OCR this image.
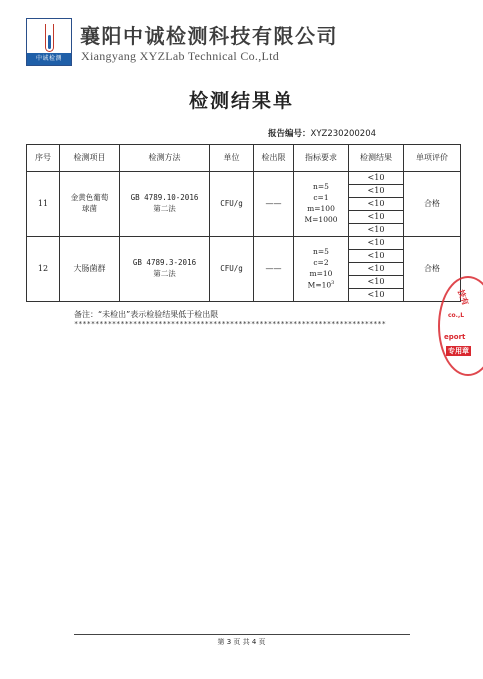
中诚检测
襄阳中诚检测科技有限公司
Xiangyang XYZLab Technical Co.,Ltd
检测结果单
报告编号：XYZ230200204
序号	检测项目	检测方法	单位	检出限	指标要求	检测结果	单项评价
11	金黄色葡萄
球菌	GB 4789.10-2016
第二法	CFU/g	——	n=5
c=1
m=100
M=1000	<10	合格
						<10	
						<10	
						<10	
						<10	
12	大肠菌群	GB 4789.3-2016
第二法	CFU/g	——	n=5
c=2
m=10
$M=10^3$	<10	合格
						<10	
						<10	
						<10	
						<10	
备注：“未检出”表示检验结果低于检出限
**************************************************************************
技有
co.,L
eport
专用章
第 3 页 共 4 页
